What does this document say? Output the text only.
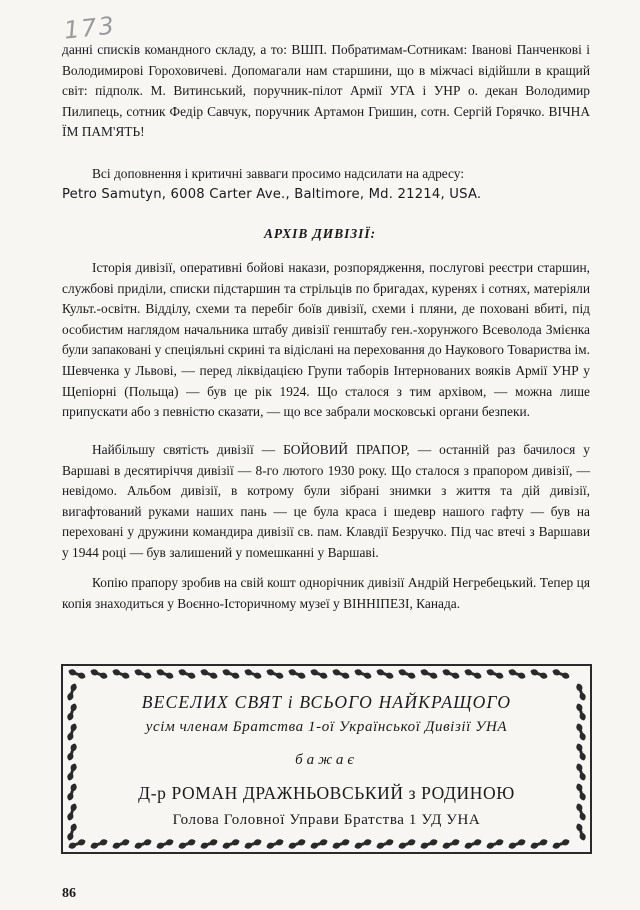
173

данні списків командного складу, а то: ВШП. Побратимам-Сотникам: Іванові Панченкові і Володимирові Гороховичеві. Допомагали нам старшини, що в міжчасі відійшли в кращий світ: підполк. М. Витинський, поручник-пілот Армії УГА і УНР о. декан Володимир Пилипець, сотник Федір Савчук, поручник Артамон Гришин, сотн. Сергій Горячко. ВІЧНА ЇМ ПАМ'ЯТЬ!

Всі доповнення і критичні завваги просимо надсилати на адресу:
Petro Samutyn, 6008 Carter Ave., Baltimore, Md. 21214, USA.
АРХІВ ДИВІЗІЇ:

Історія дивізії, оперативні бойові накази, розпорядження, послугові реєстри старшин, службові приділи, списки підстаршин та стрільців по бригадах, куренях і сотнях, матеріяли Культ.-освітн. Відділу, схеми та перебіг боїв дивізії, схеми і пляни, де поховані вбиті, під особистим наглядом начальника штабу дивізії генштабу ген.-хорунжого Всеволода Змієнка були запаковані у спеціяльні скрині та відіслані на переховання до Наукового Товариства ім. Шевченка у Львові, — перед ліквідацією Групи таборів Інтернованих вояків Армії УНР у Щепіорні (Польща) — був це рік 1924. Що сталося з тим архівом, — можна лише припускати або з певністю сказати, — що все забрали московські органи безпеки.

Найбільшу святість дивізії — БОЙОВИЙ ПРАПОР, — останній раз бачилося у Варшаві в десятиріччя дивізії — 8-го лютого 1930 року. Що сталося з прапором дивізії, — невідомо. Альбом дивізії, в котрому були зібрані знимки з життя та дій дивізії, вигафтований руками наших пань — це була краса і шедевр нашого гафту — був на переховані у дружини командира дивізії св. пам. Клавдії Безручко. Під час втечі з Варшави у 1944 році — був залишений у помешканні у Варшаві.

Копію прапору зробив на свій кошт однорічник дивізії Андрій Негребецький. Тепер ця копія знаходиться у Воєнно-Історичному музеї у ВІННІПЕЗІ, Канада.

ВЕСЕЛИХ СВЯТ і ВСЬОГО НАЙКРАЩОГО
усім членам Братства 1-ої Української Дивізії УНА
бажає
Д-р РОМАН ДРАЖНЬОВСЬКИЙ з РОДИНОЮ
Голова Головної Управи Братства 1 УД УНА
86
